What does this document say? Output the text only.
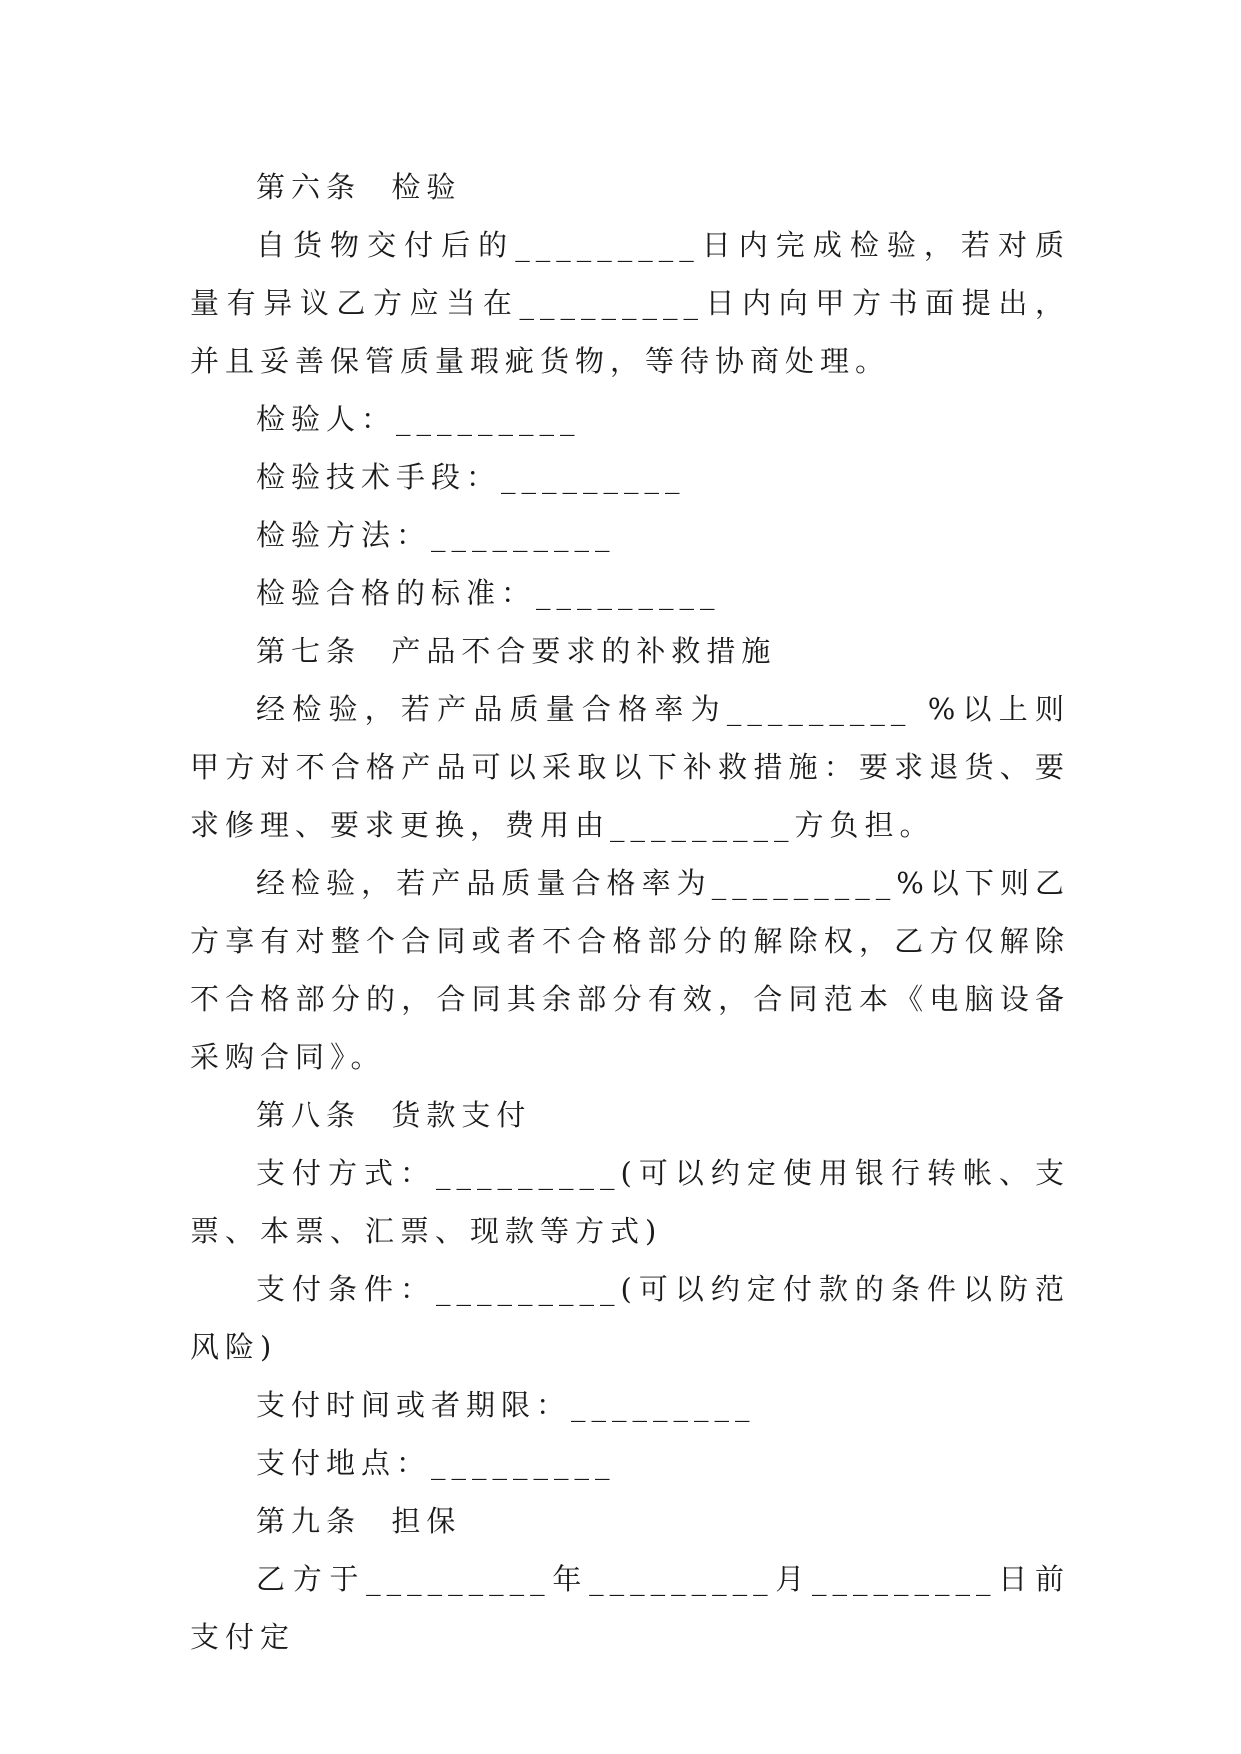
第六条  检验

自货物交付后的_________日内完成检验，若对质量有异议乙方应当在_________日内向甲方书面提出，并且妥善保管质量瑕疵货物，等待协商处理。

检验人：_________

检验技术手段：_________

检验方法：_________

检验合格的标准：_________

第七条  产品不合要求的补救措施

经检验，若产品质量合格率为_________ %以上则甲方对不合格产品可以采取以下补救措施：要求退货、要求修理、要求更换，费用由_________方负担。

经检验，若产品质量合格率为_________%以下则乙方享有对整个合同或者不合格部分的解除权，乙方仅解除不合格部分的，合同其余部分有效，合同范本《电脑设备采购合同》。

第八条  货款支付

支付方式：_________(可以约定使用银行转帐、支票、本票、汇票、现款等方式)

支付条件：_________(可以约定付款的条件以防范风险)

支付时间或者期限：_________

支付地点：_________

第九条  担保

乙方于_________年_________月_________日前支付定
